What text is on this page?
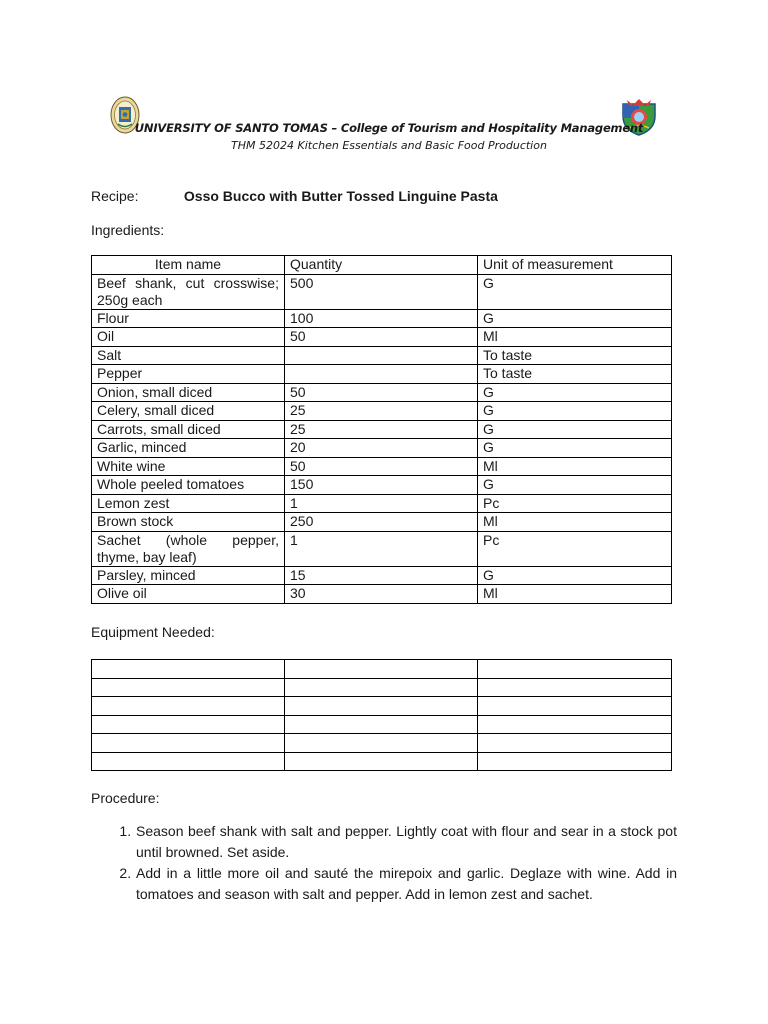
UNIVERSITY OF SANTO TOMAS – College of Tourism and Hospitality Management
THM 52024 Kitchen Essentials and Basic Food Production
Recipe:	Osso Bucco with Butter Tossed Linguine Pasta
Ingredients:
Item name	Quantity	Unit of measurement
Beef shank, cut crosswise; 250g each	500	G
Flour	100	G
Oil	50	Ml
Salt		To taste
Pepper		To taste
Onion, small diced	50	G
Celery, small diced	25	G
Carrots, small diced	25	G
Garlic, minced	20	G
White wine	50	Ml
Whole peeled tomatoes	150	G
Lemon zest	1	Pc
Brown stock	250	Ml
Sachet (whole pepper, thyme, bay leaf)	1	Pc
Parsley, minced	15	G
Olive oil	30	Ml
Equipment Needed:

Procedure:
1. Season beef shank with salt and pepper. Lightly coat with flour and sear in a stock pot until browned. Set aside.
2. Add in a little more oil and sauté the mirepoix and garlic. Deglaze with wine. Add in tomatoes and season with salt and pepper. Add in lemon zest and sachet.
